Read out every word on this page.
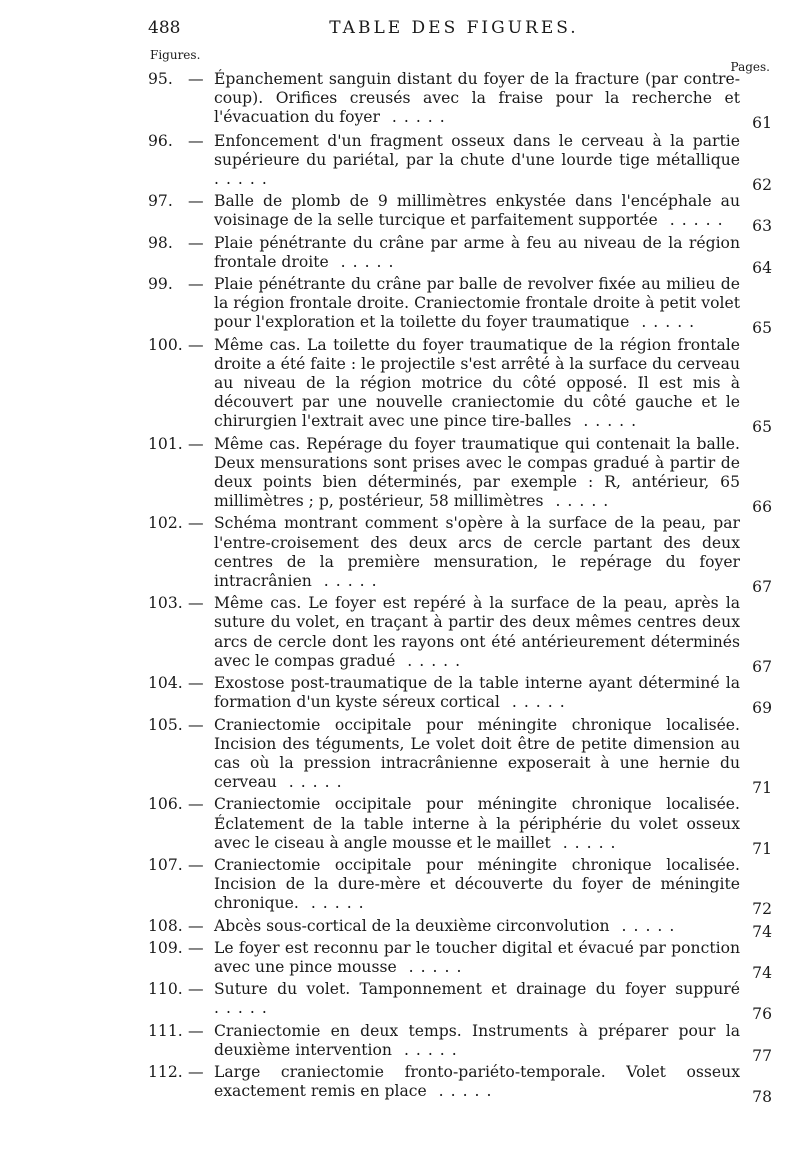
488	TABLE DES FIGURES.
Figures.
Pages.
95. — Épanchement sanguin distant du foyer de la fracture (par contre-coup). Orifices creusés avec la fraise pour la recherche et l'évacuation du foyer .....	61
96. — Enfoncement d'un fragment osseux dans le cerveau à la partie supérieure du pariétal, par la chute d'une lourde tige métallique .....	62
97. — Balle de plomb de 9 millimètres enkystée dans l'encéphale au voisinage de la selle turcique et parfaitement supportée .....	63
98. — Plaie pénétrante du crâne par arme à feu au niveau de la région frontale droite .....	64
99. — Plaie pénétrante du crâne par balle de revolver fixée au milieu de la région frontale droite. Craniectomie frontale droite à petit volet pour l'exploration et la toilette du foyer traumatique .....	65
100. — Même cas. La toilette du foyer traumatique de la région frontale droite a été faite : le projectile s'est arrêté à la surface du cerveau au niveau de la région motrice du côté opposé. Il est mis à découvert par une nouvelle craniectomie du côté gauche et le chirurgien l'extrait avec une pince tire-balles .....	65
101. — Même cas. Repérage du foyer traumatique qui contenait la balle. Deux mensurations sont prises avec le compas gradué à partir de deux points bien déterminés, par exemple : R, antérieur, 65 millimètres ; p, postérieur, 58 millimètres .....	66
102. — Schéma montrant comment s'opère à la surface de la peau, par l'entre-croisement des deux arcs de cercle partant des deux centres de la première mensuration, le repérage du foyer intracrânien .....	67
103. — Même cas. Le foyer est repéré à la surface de la peau, après la suture du volet, en traçant à partir des deux mêmes centres deux arcs de cercle dont les rayons ont été antérieurement déterminés avec le compas gradué .....	67
104. — Exostose post-traumatique de la table interne ayant déterminé la formation d'un kyste séreux cortical .....	69
105. — Craniectomie occipitale pour méningite chronique localisée. Incision des téguments, Le volet doit être de petite dimension au cas où la pression intracrânienne exposerait à une hernie du cerveau .....	71
106. — Craniectomie occipitale pour méningite chronique localisée. Éclatement de la table interne à la périphérie du volet osseux avec le ciseau à angle mousse et le maillet .....	71
107. — Craniectomie occipitale pour méningite chronique localisée. Incision de la dure-mère et découverte du foyer de méningite chronique. .....	72
108. — Abcès sous-cortical de la deuxième circonvolution .....	74
109. — Le foyer est reconnu par le toucher digital et évacué par ponction avec une pince mousse .....	74
110. — Suture du volet. Tamponnement et drainage du foyer suppuré .....	76
111. — Craniectomie en deux temps. Instruments à préparer pour la deuxième intervention .....	77
112. — Large craniectomie fronto-pariéto-temporale. Volet osseux exactement remis en place .....	78
